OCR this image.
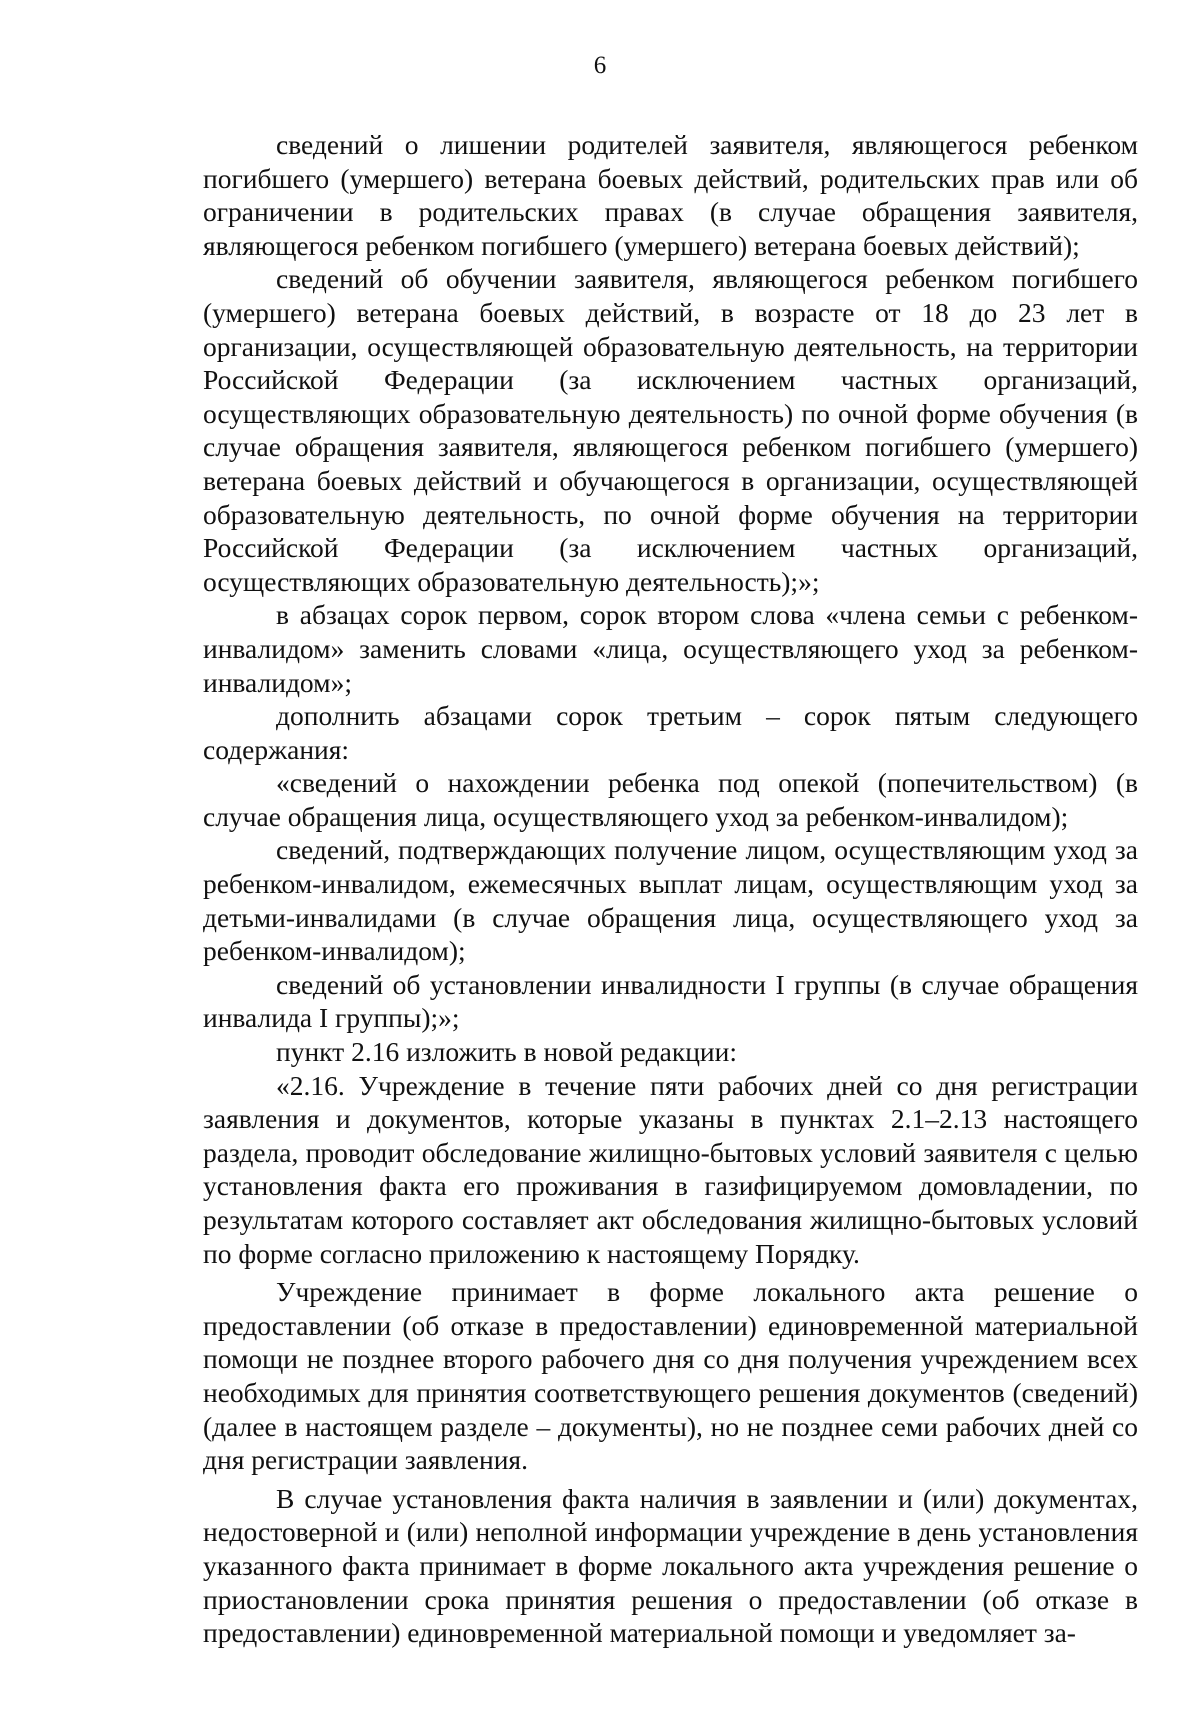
6

сведений о лишении родителей заявителя, являющегося ребенком погибшего (умершего) ветерана боевых действий, родительских прав или об ограничении в родительских правах (в случае обращения заявителя, являющегося ребенком погибшего (умершего) ветерана боевых действий);

сведений об обучении заявителя, являющегося ребенком погибшего (умершего) ветерана боевых действий, в возрасте от 18 до 23 лет в организации, осуществляющей образовательную деятельность, на территории Российской Федерации (за исключением частных организаций, осуществляющих образовательную деятельность) по очной форме обучения (в случае обращения заявителя, являющегося ребенком погибшего (умершего) ветерана боевых действий и обучающегося в организации, осуществляющей образовательную деятельность, по очной форме обучения на территории Российской Федерации (за исключением частных организаций, осуществляющих образовательную деятельность);»;

в абзацах сорок первом, сорок втором слова «члена семьи с ребенком-инвалидом» заменить словами «лица, осуществляющего уход за ребенком-инвалидом»;

дополнить абзацами сорок третьим – сорок пятым следующего содержания:

«сведений о нахождении ребенка под опекой (попечительством) (в случае обращения лица, осуществляющего уход за ребенком-инвалидом);

сведений, подтверждающих получение лицом, осуществляющим уход за ребенком-инвалидом, ежемесячных выплат лицам, осуществляющим уход за детьми-инвалидами (в случае обращения лица, осуществляющего уход за ребенком-инвалидом);

сведений об установлении инвалидности I группы (в случае обращения инвалида I группы);»;

пункт 2.16 изложить в новой редакции:

«2.16. Учреждение в течение пяти рабочих дней со дня регистрации заявления и документов, которые указаны в пунктах 2.1–2.13 настоящего раздела, проводит обследование жилищно-бытовых условий заявителя с целью установления факта его проживания в газифицируемом домовладении, по результатам которого составляет акт обследования жилищно-бытовых условий по форме согласно приложению к настоящему Порядку.

Учреждение принимает в форме локального акта решение о предоставлении (об отказе в предоставлении) единовременной материальной помощи не позднее второго рабочего дня со дня получения учреждением всех необходимых для принятия соответствующего решения документов (сведений) (далее в настоящем разделе – документы), но не позднее семи рабочих дней со дня регистрации заявления.

В случае установления факта наличия в заявлении и (или) документах, недостоверной и (или) неполной информации учреждение в день установления указанного факта принимает в форме локального акта учреждения решение о приостановлении срока принятия решения о предоставлении (об отказе в предоставлении) единовременной материальной помощи и уведомляет за-
